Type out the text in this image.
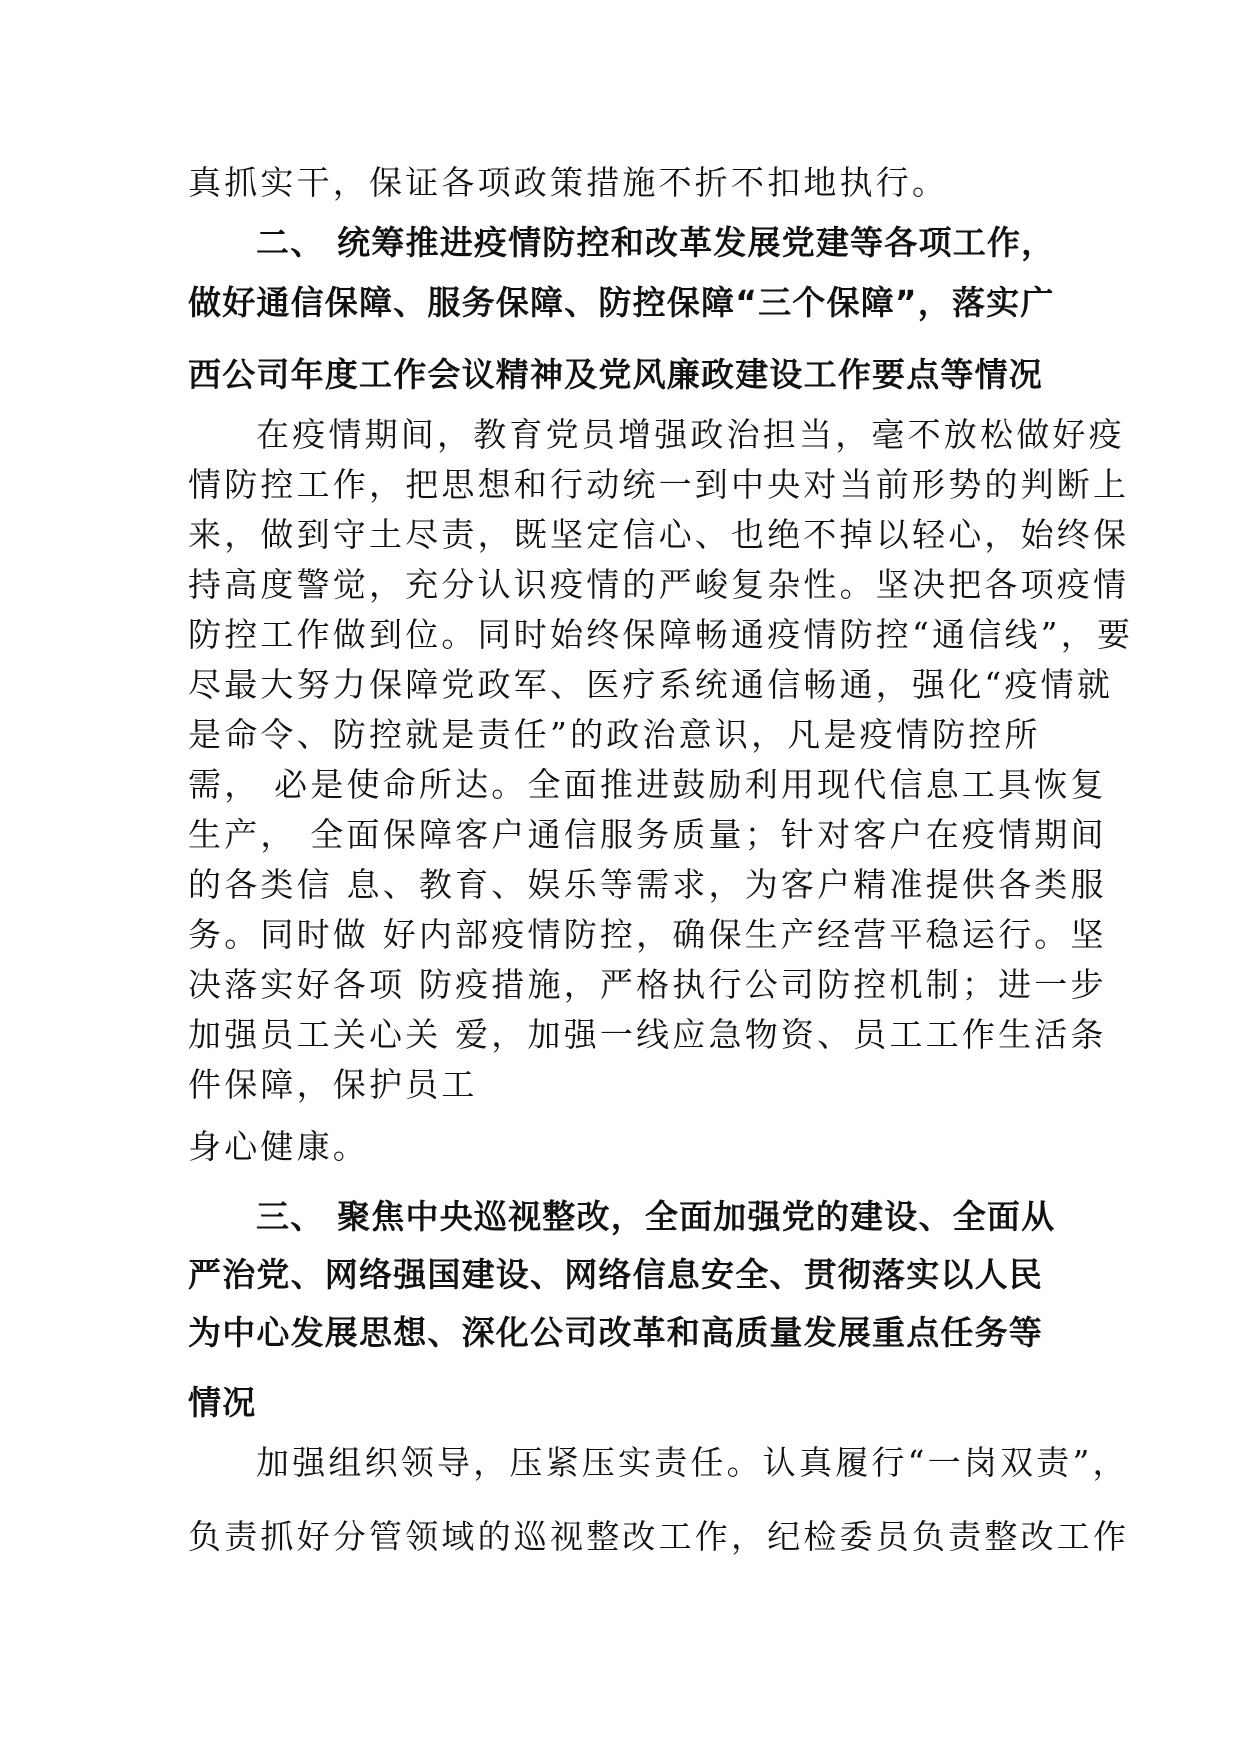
真抓实干，保证各项政策措施不折不扣地执行。

二、 统筹推进疫情防控和改革发展党建等各项工作，

做好通信保障、服务保障、防控保障“三个保障”，落实广

西公司年度工作会议精神及党风廉政建设工作要点等情况

在疫情期间，教育党员增强政治担当，毫不放松做好疫

情防控工作，把思想和行动统一到中央对当前形势的判断上

来，做到守土尽责，既坚定信心、也绝不掉以轻心，始终保

持高度警觉，充分认识疫情的严峻复杂性。坚决把各项疫情

防控工作做到位。同时始终保障畅通疫情防控“通信线”，要

尽最大努力保障党政军、医疗系统通信畅通，强化“疫情就

是命令、防控就是责任”的政治意识，凡是疫情防控所

需， 必是使命所达。全面推进鼓励利用现代信息工具恢复

生产， 全面保障客户通信服务质量；针对客户在疫情期间

的各类信 息、教育、娱乐等需求，为客户精准提供各类服

务。同时做 好内部疫情防控，确保生产经营平稳运行。坚

决落实好各项 防疫措施，严格执行公司防控机制；进一步

加强员工关心关 爱，加强一线应急物资、员工工作生活条

件保障，保护员工

身心健康。

三、 聚焦中央巡视整改，全面加强党的建设、全面从

严治党、网络强国建设、网络信息安全、贯彻落实以人民

为中心发展思想、深化公司改革和高质量发展重点任务等

情况

加强组织领导，压紧压实责任。认真履行“一岗双责”，

负责抓好分管领域的巡视整改工作，纪检委员负责整改工作
